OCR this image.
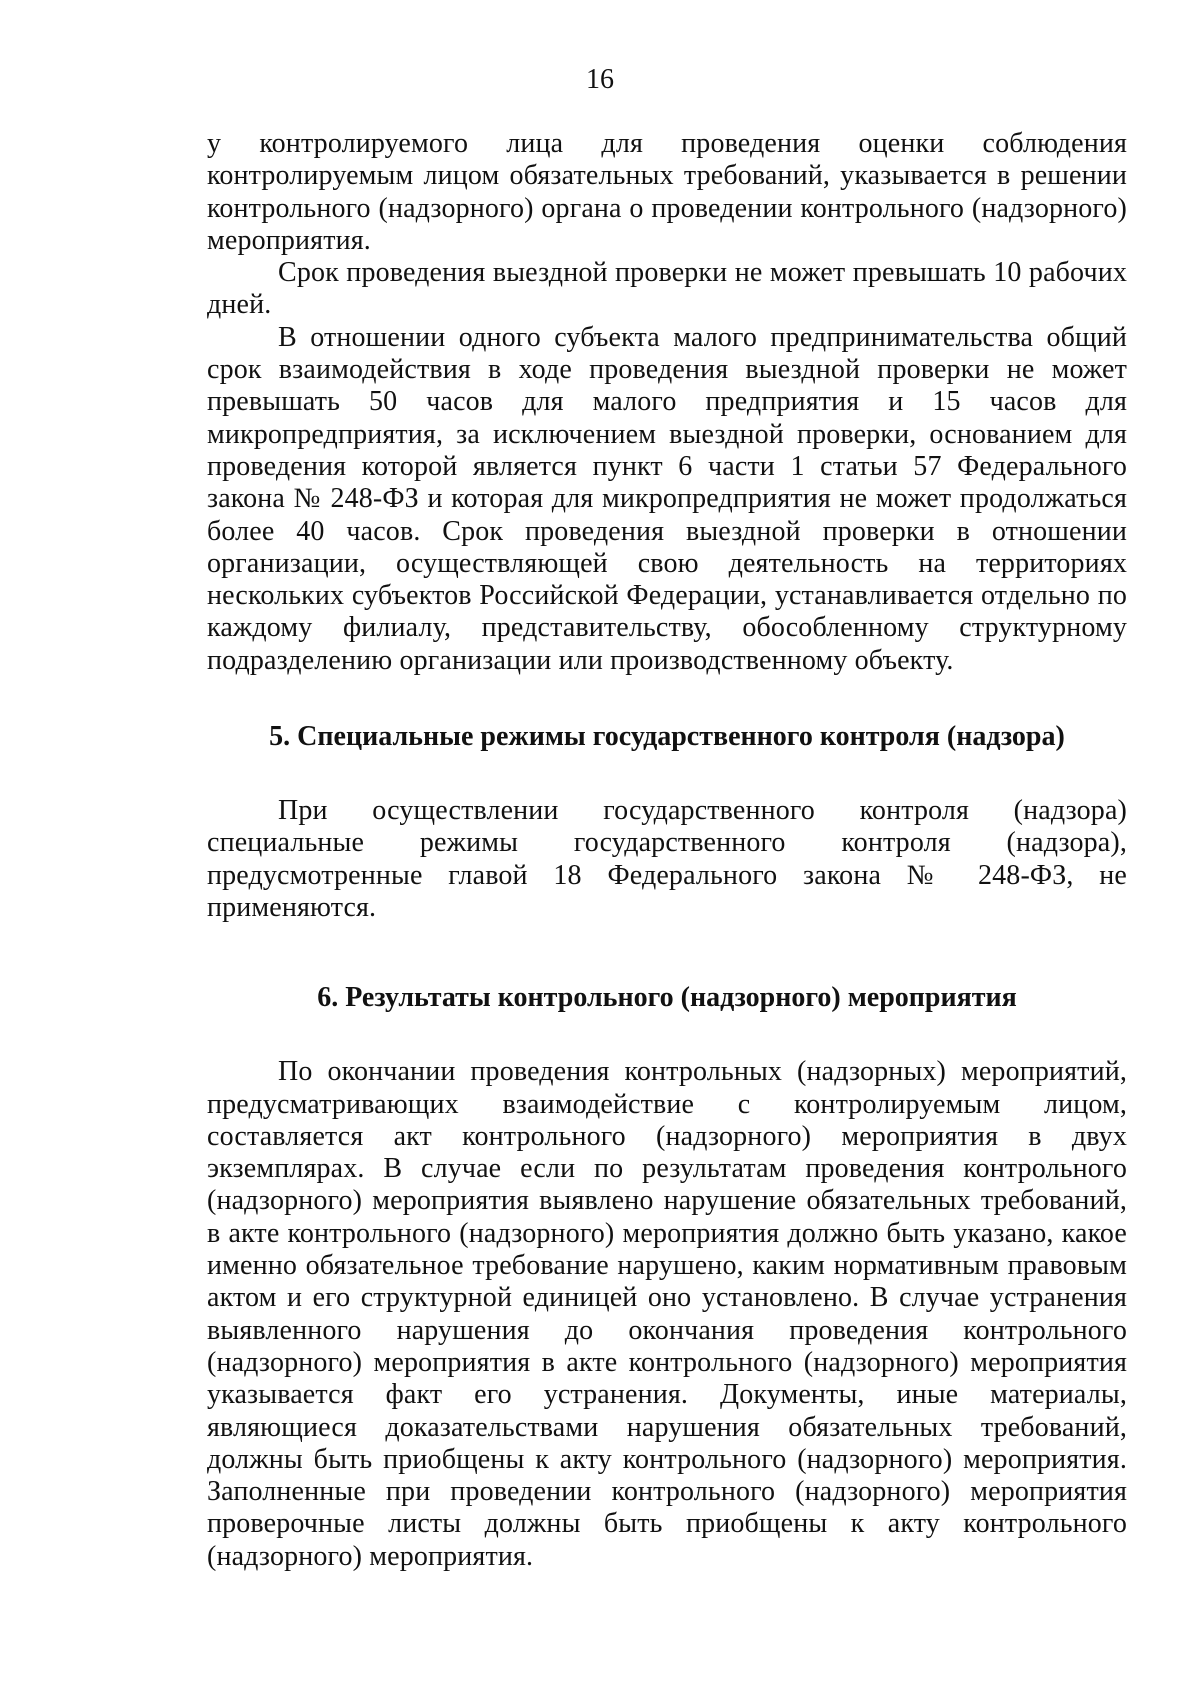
16

у контролируемого лица для проведения оценки соблюдения контролируемым лицом обязательных требований, указывается в решении контрольного (надзорного) органа о проведении контрольного (надзорного) мероприятия.

Срок проведения выездной проверки не может превышать 10 рабочих дней.

В отношении одного субъекта малого предпринимательства общий срок взаимодействия в ходе проведения выездной проверки не может превышать 50 часов для малого предприятия и 15 часов для микропредприятия, за исключением выездной проверки, основанием для проведения которой является пункт 6 части 1 статьи 57 Федерального закона № 248-ФЗ и которая для микропредприятия не может продолжаться более 40 часов. Срок проведения выездной проверки в отношении организации, осуществляющей свою деятельность на территориях нескольких субъектов Российской Федерации, устанавливается отдельно по каждому филиалу, представительству, обособленному структурному подразделению организации или производственному объекту.

5. Специальные режимы государственного контроля (надзора)

При осуществлении государственного контроля (надзора) специальные режимы государственного контроля (надзора), предусмотренные главой 18 Федерального закона № 248-ФЗ, не применяются.

6. Результаты контрольного (надзорного) мероприятия

По окончании проведения контрольных (надзорных) мероприятий, предусматривающих взаимодействие с контролируемым лицом, составляется акт контрольного (надзорного) мероприятия в двух экземплярах. В случае если по результатам проведения контрольного (надзорного) мероприятия выявлено нарушение обязательных требований, в акте контрольного (надзорного) мероприятия должно быть указано, какое именно обязательное требование нарушено, каким нормативным правовым актом и его структурной единицей оно установлено. В случае устранения выявленного нарушения до окончания проведения контрольного (надзорного) мероприятия в акте контрольного (надзорного) мероприятия указывается факт его устранения. Документы, иные материалы, являющиеся доказательствами нарушения обязательных требований, должны быть приобщены к акту контрольного (надзорного) мероприятия. Заполненные при проведении контрольного (надзорного) мероприятия проверочные листы должны быть приобщены к акту контрольного (надзорного) мероприятия.
